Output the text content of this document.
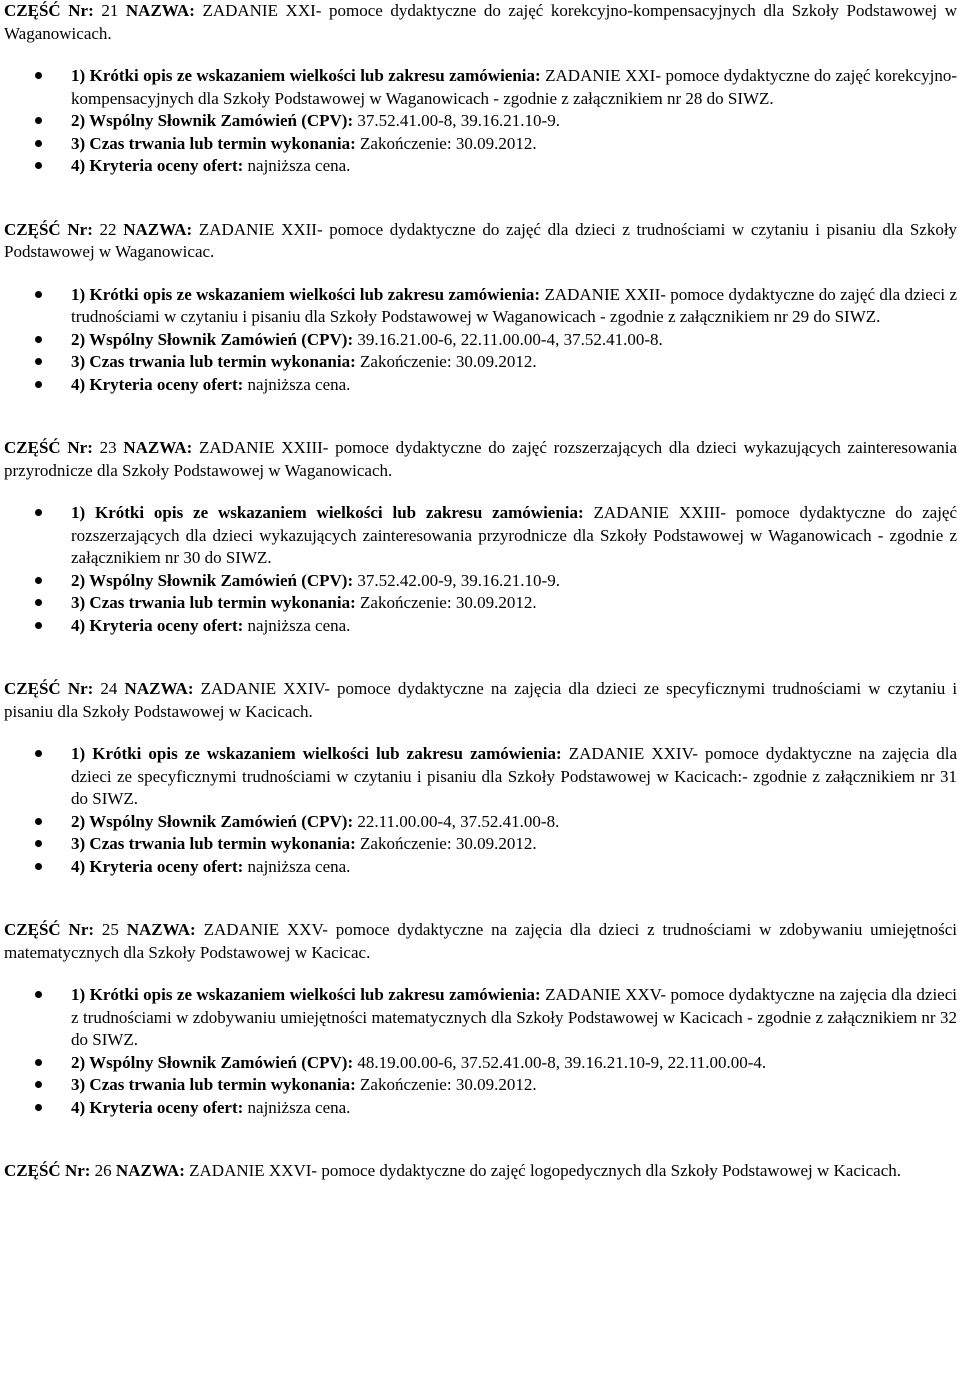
CZĘŚĆ Nr: 21 NAZWA: ZADANIE XXI- pomoce dydaktyczne do zajęć korekcyjno-kompensacyjnych dla Szkoły Podstawowej w Waganowicach.

1) Krótki opis ze wskazaniem wielkości lub zakresu zamówienia: ZADANIE XXI- pomoce dydaktyczne do zajęć korekcyjno-kompensacyjnych dla Szkoły Podstawowej w Waganowicach - zgodnie z załącznikiem nr 28 do SIWZ.
2) Wspólny Słownik Zamówień (CPV): 37.52.41.00-8, 39.16.21.10-9.
3) Czas trwania lub termin wykonania: Zakończenie: 30.09.2012.
4) Kryteria oceny ofert: najniższa cena.

CZĘŚĆ Nr: 22 NAZWA: ZADANIE XXII- pomoce dydaktyczne do zajęć dla dzieci z trudnościami w czytaniu i pisaniu dla Szkoły Podstawowej w Waganowicac.

1) Krótki opis ze wskazaniem wielkości lub zakresu zamówienia: ZADANIE XXII- pomoce dydaktyczne do zajęć dla dzieci z trudnościami w czytaniu i pisaniu dla Szkoły Podstawowej w Waganowicach - zgodnie z załącznikiem nr 29 do SIWZ.
2) Wspólny Słownik Zamówień (CPV): 39.16.21.00-6, 22.11.00.00-4, 37.52.41.00-8.
3) Czas trwania lub termin wykonania: Zakończenie: 30.09.2012.
4) Kryteria oceny ofert: najniższa cena.

CZĘŚĆ Nr: 23 NAZWA: ZADANIE XXIII- pomoce dydaktyczne do zajęć rozszerzających dla dzieci wykazujących zainteresowania przyrodnicze dla Szkoły Podstawowej w Waganowicach.

1) Krótki opis ze wskazaniem wielkości lub zakresu zamówienia: ZADANIE XXIII- pomoce dydaktyczne do zajęć rozszerzających dla dzieci wykazujących zainteresowania przyrodnicze dla Szkoły Podstawowej w Waganowicach - zgodnie z załącznikiem nr 30 do SIWZ.
2) Wspólny Słownik Zamówień (CPV): 37.52.42.00-9, 39.16.21.10-9.
3) Czas trwania lub termin wykonania: Zakończenie: 30.09.2012.
4) Kryteria oceny ofert: najniższa cena.

CZĘŚĆ Nr: 24 NAZWA: ZADANIE XXIV- pomoce dydaktyczne na zajęcia dla dzieci ze specyficznymi trudnościami w czytaniu i pisaniu dla Szkoły Podstawowej w Kacicach.

1) Krótki opis ze wskazaniem wielkości lub zakresu zamówienia: ZADANIE XXIV- pomoce dydaktyczne na zajęcia dla dzieci ze specyficznymi trudnościami w czytaniu i pisaniu dla Szkoły Podstawowej w Kacicach:- zgodnie z załącznikiem nr 31 do SIWZ.
2) Wspólny Słownik Zamówień (CPV): 22.11.00.00-4, 37.52.41.00-8.
3) Czas trwania lub termin wykonania: Zakończenie: 30.09.2012.
4) Kryteria oceny ofert: najniższa cena.

CZĘŚĆ Nr: 25 NAZWA: ZADANIE XXV- pomoce dydaktyczne na zajęcia dla dzieci z trudnościami w zdobywaniu umiejętności matematycznych dla Szkoły Podstawowej w Kacicac.

1) Krótki opis ze wskazaniem wielkości lub zakresu zamówienia: ZADANIE XXV- pomoce dydaktyczne na zajęcia dla dzieci z trudnościami w zdobywaniu umiejętności matematycznych dla Szkoły Podstawowej w Kacicach - zgodnie z załącznikiem nr 32 do SIWZ.
2) Wspólny Słownik Zamówień (CPV): 48.19.00.00-6, 37.52.41.00-8, 39.16.21.10-9, 22.11.00.00-4.
3) Czas trwania lub termin wykonania: Zakończenie: 30.09.2012.
4) Kryteria oceny ofert: najniższa cena.

CZĘŚĆ Nr: 26 NAZWA: ZADANIE XXVI- pomoce dydaktyczne do zajęć logopedycznych dla Szkoły Podstawowej w Kacicach.
